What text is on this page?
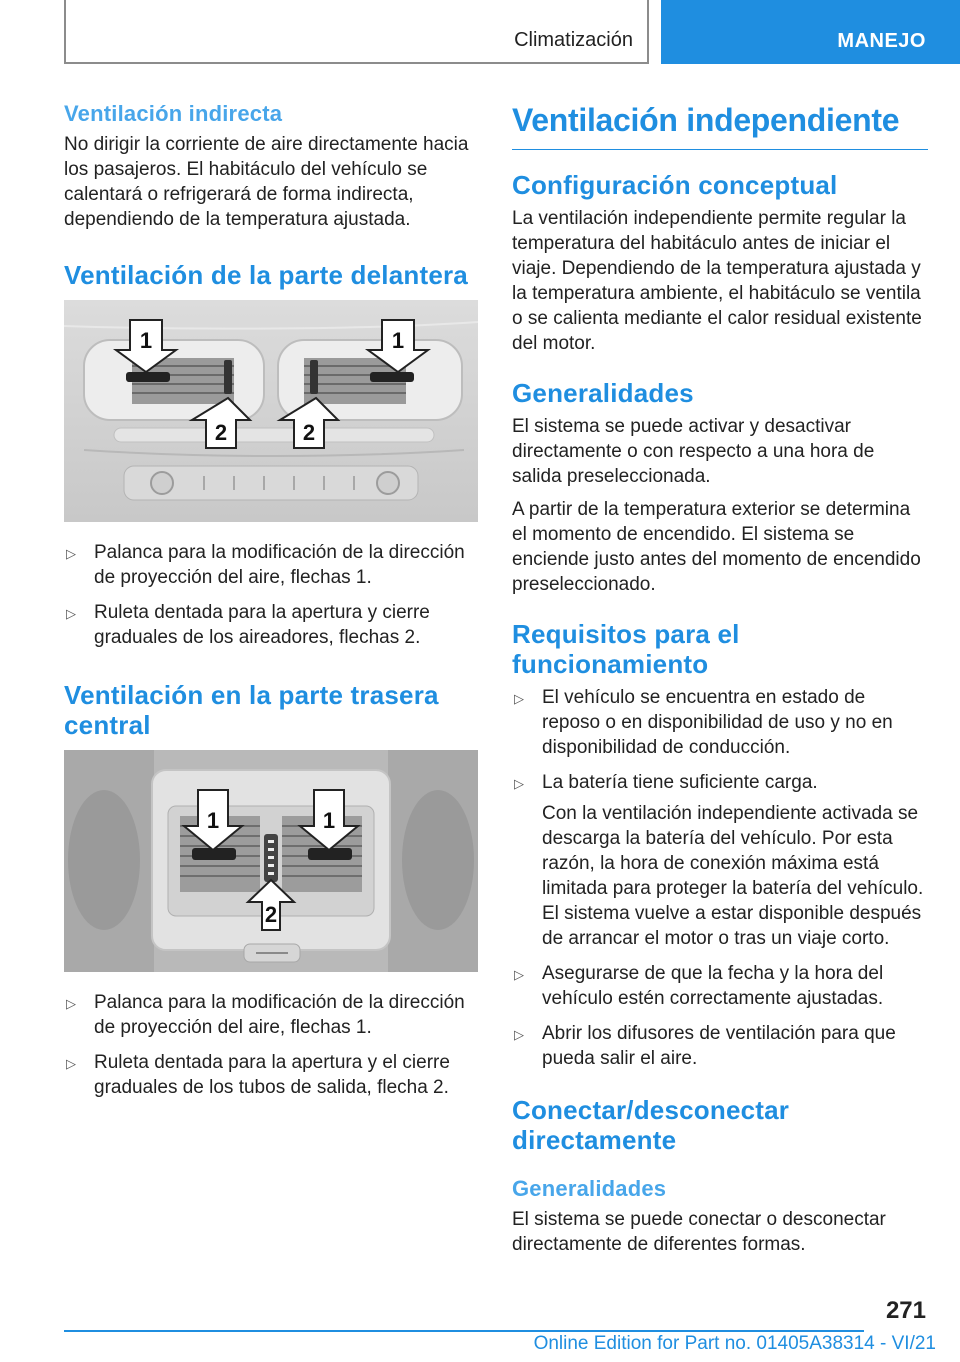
Climatización	MANEJO
Ventilación indirecta

No dirigir la corriente de aire directamente hacia los pasajeros. El habitáculo del vehículo se calentará o refrigerará de forma indirecta, dependiendo de la temperatura ajustada.

Ventilación de la parte delantera
1
2	2
1
▷ Palanca para la modificación de la dirección de proyección del aire, flechas 1.
▷ Ruleta dentada para la apertura y cierre graduales de los aireadores, flechas 2.
Ventilación en la parte trasera central
1	1
2
▷ Palanca para la modificación de la dirección de proyección del aire, flechas 1.
▷ Ruleta dentada para la apertura y el cierre graduales de los tubos de salida, flecha 2.
Ventilación independiente
Configuración conceptual

La ventilación independiente permite regular la temperatura del habitáculo antes de iniciar el viaje. Dependiendo de la temperatura ajustada y la temperatura ambiente, el habitáculo se ventila o se calienta mediante el calor residual existente del motor.

Generalidades

El sistema se puede activar y desactivar directamente o con respecto a una hora de salida preseleccionada.

A partir de la temperatura exterior se determina el momento de encendido. El sistema se enciende justo antes del momento de encendido preseleccionado.

Requisitos para el funcionamiento
▷ El vehículo se encuentra en estado de reposo o en disponibilidad de uso y no en disponibilidad de conducción.
▷ La batería tiene suficiente carga.

Con la ventilación independiente activada se descarga la batería del vehículo. Por esta razón, la hora de conexión máxima está limitada para proteger la batería del vehículo. El sistema vuelve a estar disponible después de arrancar el motor o tras un viaje corto.

▷ Asegurarse de que la fecha y la hora del vehículo estén correctamente ajustadas.
▷ Abrir los difusores de ventilación para que pueda salir el aire.
Conectar/desconectar directamente
Generalidades

El sistema se puede conectar o desconectar directamente de diferentes formas.

271
Online Edition for Part no. 01405A38314 - VI/21
